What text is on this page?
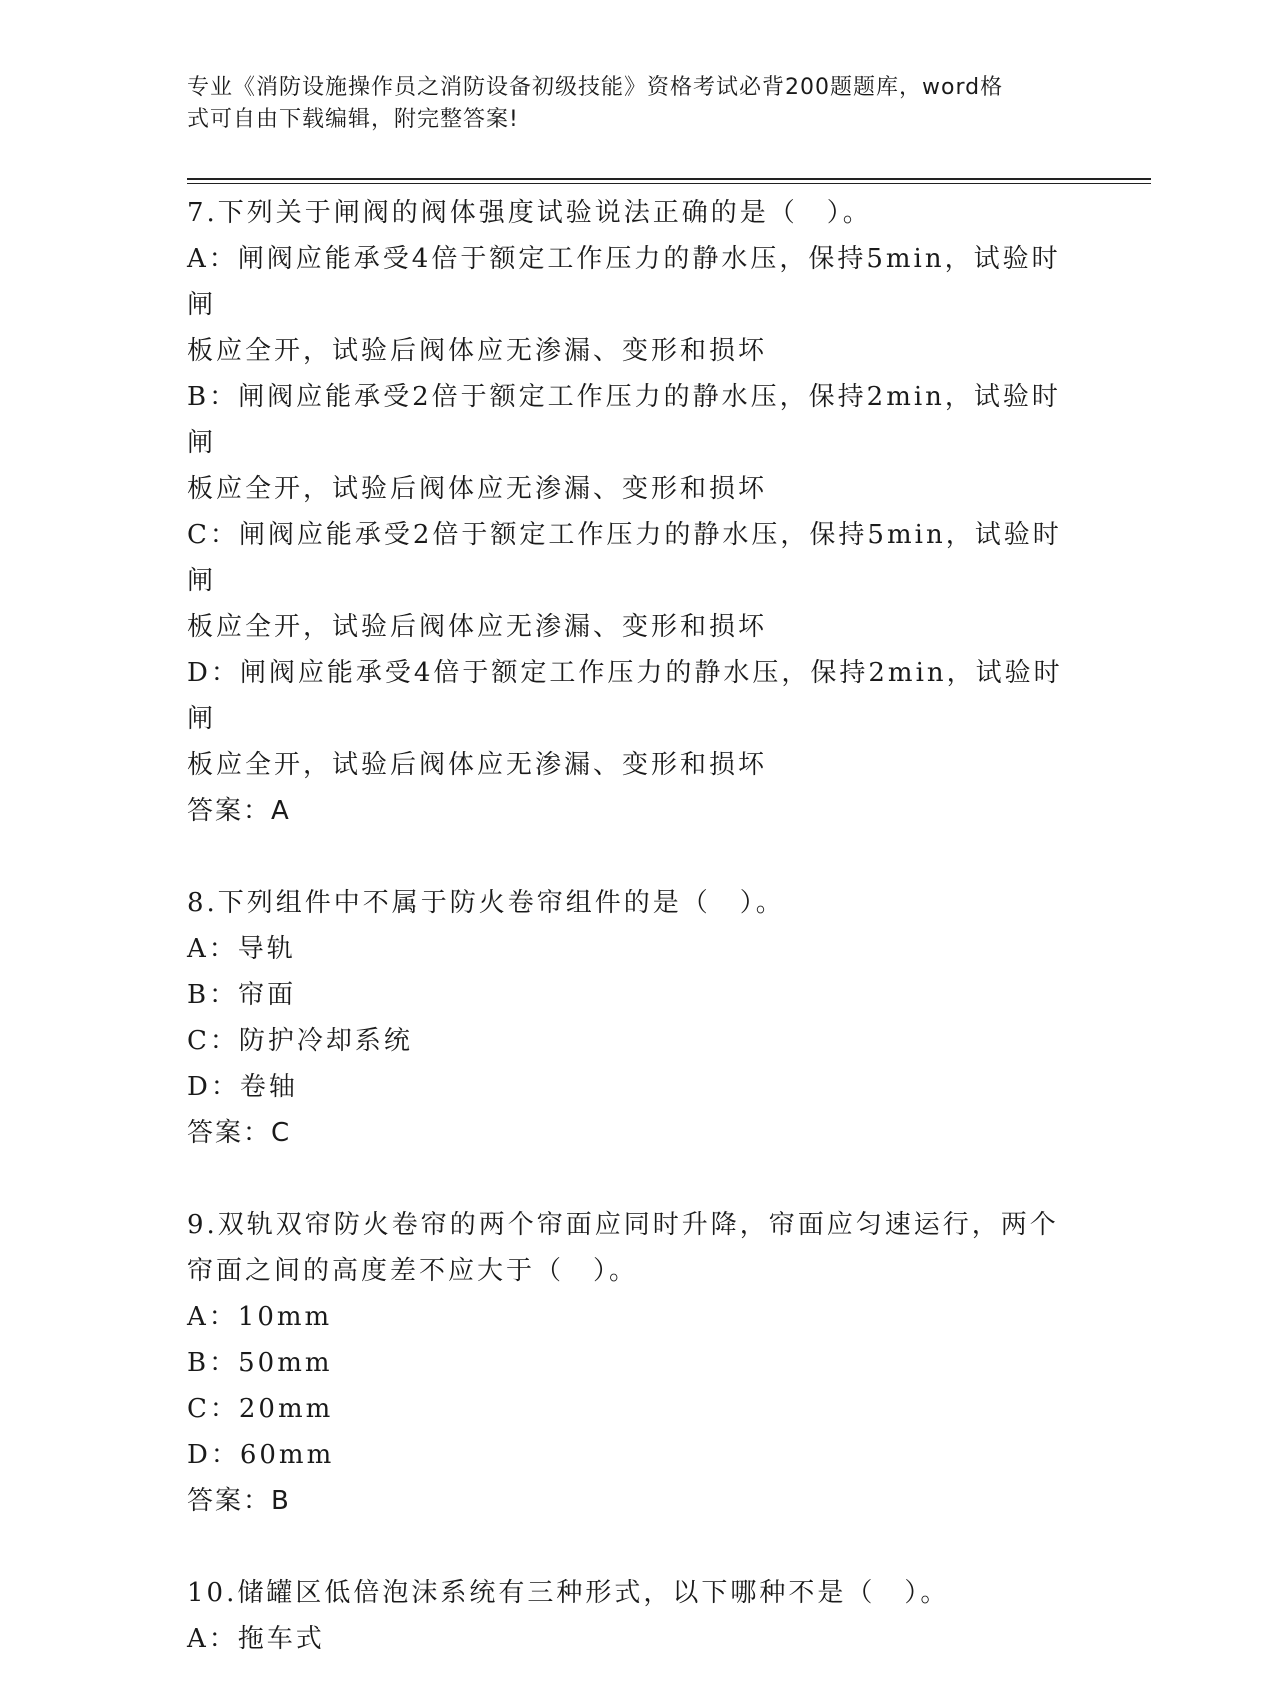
专业《消防设施操作员之消防设备初级技能》资格考试必背200题题库，word格
式可自由下载编辑，附完整答案!
7.下列关于闸阀的阀体强度试验说法正确的是（　）。
A：闸阀应能承受4倍于额定工作压力的静水压，保持5min，试验时闸
板应全开，试验后阀体应无渗漏、变形和损坏
B：闸阀应能承受2倍于额定工作压力的静水压，保持2min，试验时闸
板应全开，试验后阀体应无渗漏、变形和损坏
C：闸阀应能承受2倍于额定工作压力的静水压，保持5min，试验时闸
板应全开，试验后阀体应无渗漏、变形和损坏
D：闸阀应能承受4倍于额定工作压力的静水压，保持2min，试验时闸
板应全开，试验后阀体应无渗漏、变形和损坏
答案：A
8.下列组件中不属于防火卷帘组件的是（　）。
A：导轨
B：帘面
C：防护冷却系统
D：卷轴
答案：C
9.双轨双帘防火卷帘的两个帘面应同时升降，帘面应匀速运行，两个
帘面之间的高度差不应大于（　）。
A：10mm
B：50mm
C：20mm
D：60mm
答案：B
10.储罐区低倍泡沫系统有三种形式，以下哪种不是（　）。
A：拖车式
